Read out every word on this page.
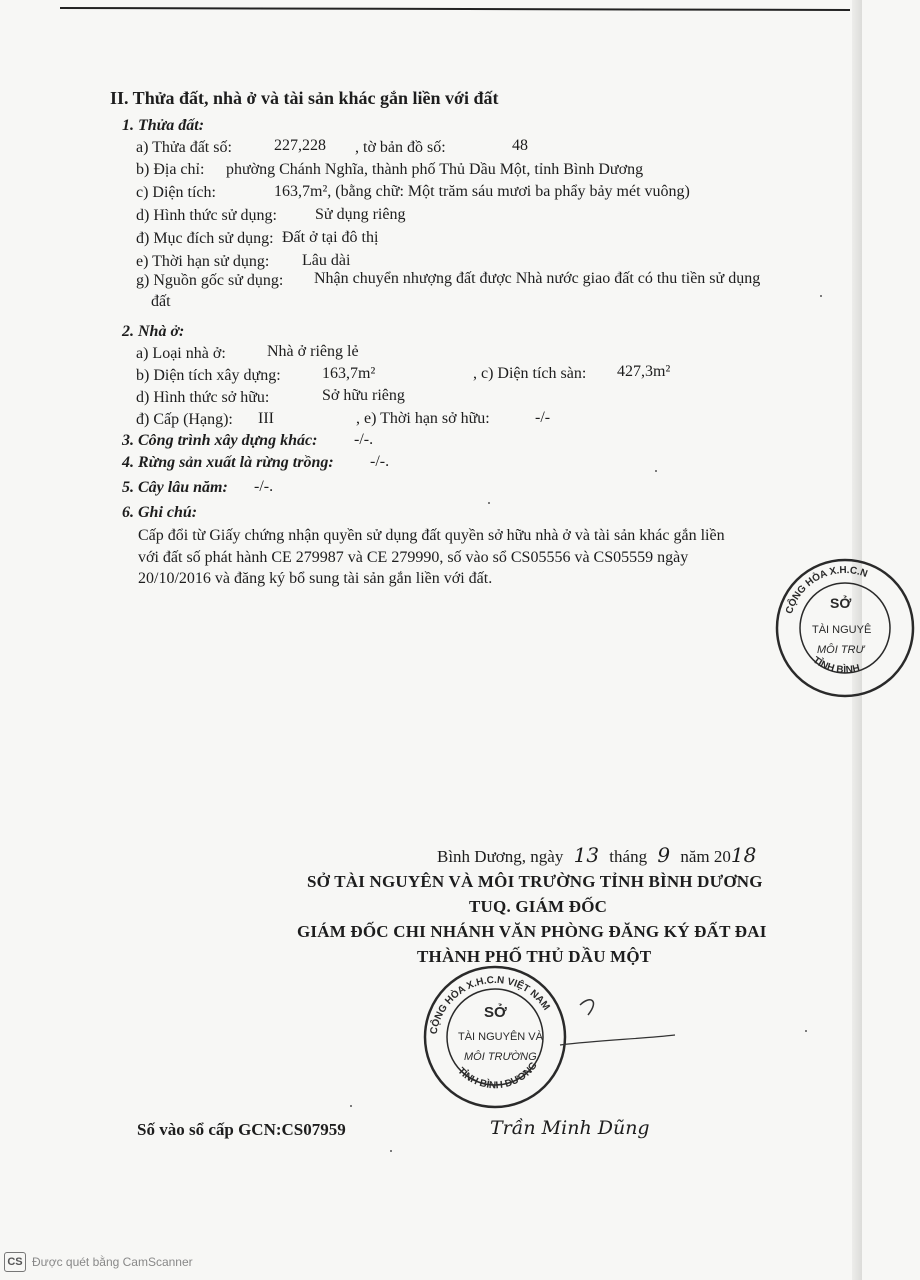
II. Thửa đất, nhà ở và tài sản khác gắn liền với đất
1. Thửa đất:
a) Thửa đất số:	227,228 , tờ bản đồ số:	48
b) Địa chỉ: phường Chánh Nghĩa, thành phố Thủ Dầu Một, tỉnh Bình Dương
c) Diện tích:	163,7m², (bằng chữ: Một trăm sáu mươi ba phẩy bảy mét vuông)
d) Hình thức sử dụng: Sử dụng riêng
đ) Mục đích sử dụng: Đất ở tại đô thị
e) Thời hạn sử dụng: Lâu dài
g) Nguồn gốc sử dụng: Nhận chuyển nhượng đất được Nhà nước giao đất có thu tiền sử dụng
đất
2. Nhà ở:
a) Loại nhà ở:	Nhà ở riêng lẻ
b) Diện tích xây dựng:	163,7m²	, c) Diện tích sàn: 427,3m²
d) Hình thức sở hữu:	Sở hữu riêng
đ) Cấp (Hạng): III	, e) Thời hạn sở hữu:	-/-
3. Công trình xây dựng khác: -/-.
4. Rừng sản xuất là rừng trồng: -/-.
5. Cây lâu năm: -/-.
6. Ghi chú:
Cấp đổi từ Giấy chứng nhận quyền sử dụng đất quyền sở hữu nhà ở và tài sản khác gắn liền
với đất số phát hành CE 279987 và CE 279990, số vào sổ CS05556 và CS05559 ngày
20/10/2016 và đăng ký bổ sung tài sản gắn liền với đất.
CỘNG HÒA X.H.C.N
TỈNH BÌNH
SỞ
TÀI NGUYÊ
MÔI TRƯ
Bình Dương, ngày 13 tháng 9 năm 2018
SỞ TÀI NGUYÊN VÀ MÔI TRƯỜNG TỈNH BÌNH DƯƠNG
TUQ. GIÁM ĐỐC
GIÁM ĐỐC CHI NHÁNH VĂN PHÒNG ĐĂNG KÝ ĐẤT ĐAI
THÀNH PHỐ THỦ DẦU MỘT
CỘNG HÒA X.H.C.N VIỆT NAM
TỈNH BÌNH DƯƠNG
SỞ
TÀI NGUYÊN VÀ
MÔI TRƯỜNG
Trần Minh Dũng
Số vào sổ cấp GCN:CS07959
CS Được quét bằng CamScanner
